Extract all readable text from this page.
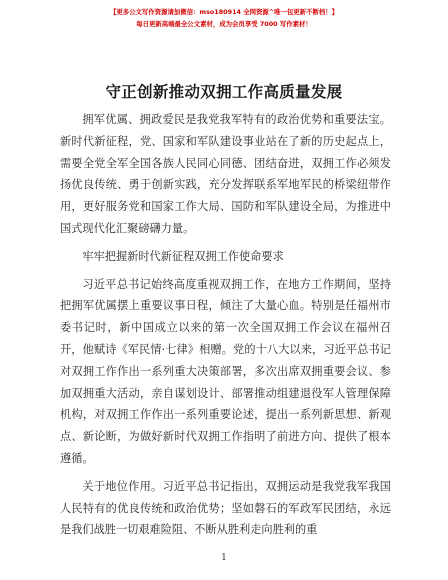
【更多公文写作资源请加微信：mso180914 全网资源^唯一包更新不断档！】
每日更新高端最全公文素材，成为会员享受 7000 写作素材！
守正创新推动双拥工作高质量发展

拥军优属、拥政爱民是我党我军特有的政治优势和重要法宝。新时代新征程，党、国家和军队建设事业站在了新的历史起点上，需要全党全军全国各族人民同心同德、团结奋进，双拥工作必须发扬优良传统、勇于创新实践，充分发挥联系军地军民的桥梁纽带作用，更好服务党和国家工作大局、国防和军队建设全局，为推进中国式现代化汇聚磅礴力量。

牢牢把握新时代新征程双拥工作使命要求

习近平总书记始终高度重视双拥工作，在地方工作期间，坚持把拥军优属摆上重要议事日程，倾注了大量心血。特别是任福州市委书记时，新中国成立以来的第一次全国双拥工作会议在福州召开，他赋诗《军民情·七律》相赠。党的十八大以来，习近平总书记对双拥工作作出一系列重大决策部署，多次出席双拥重要会议、参加双拥重大活动，亲自谋划设计、部署推动组建退役军人管理保障机构，对双拥工作作出一系列重要论述，提出一系列新思想、新观点、新论断，为做好新时代双拥工作指明了前进方向、提供了根本遵循。

关于地位作用。习近平总书记指出，双拥运动是我党我军我国人民特有的优良传统和政治优势；坚如磐石的军政军民团结，永远是我们战胜一切艰难险阻、不断从胜利走向胜利的重

1
